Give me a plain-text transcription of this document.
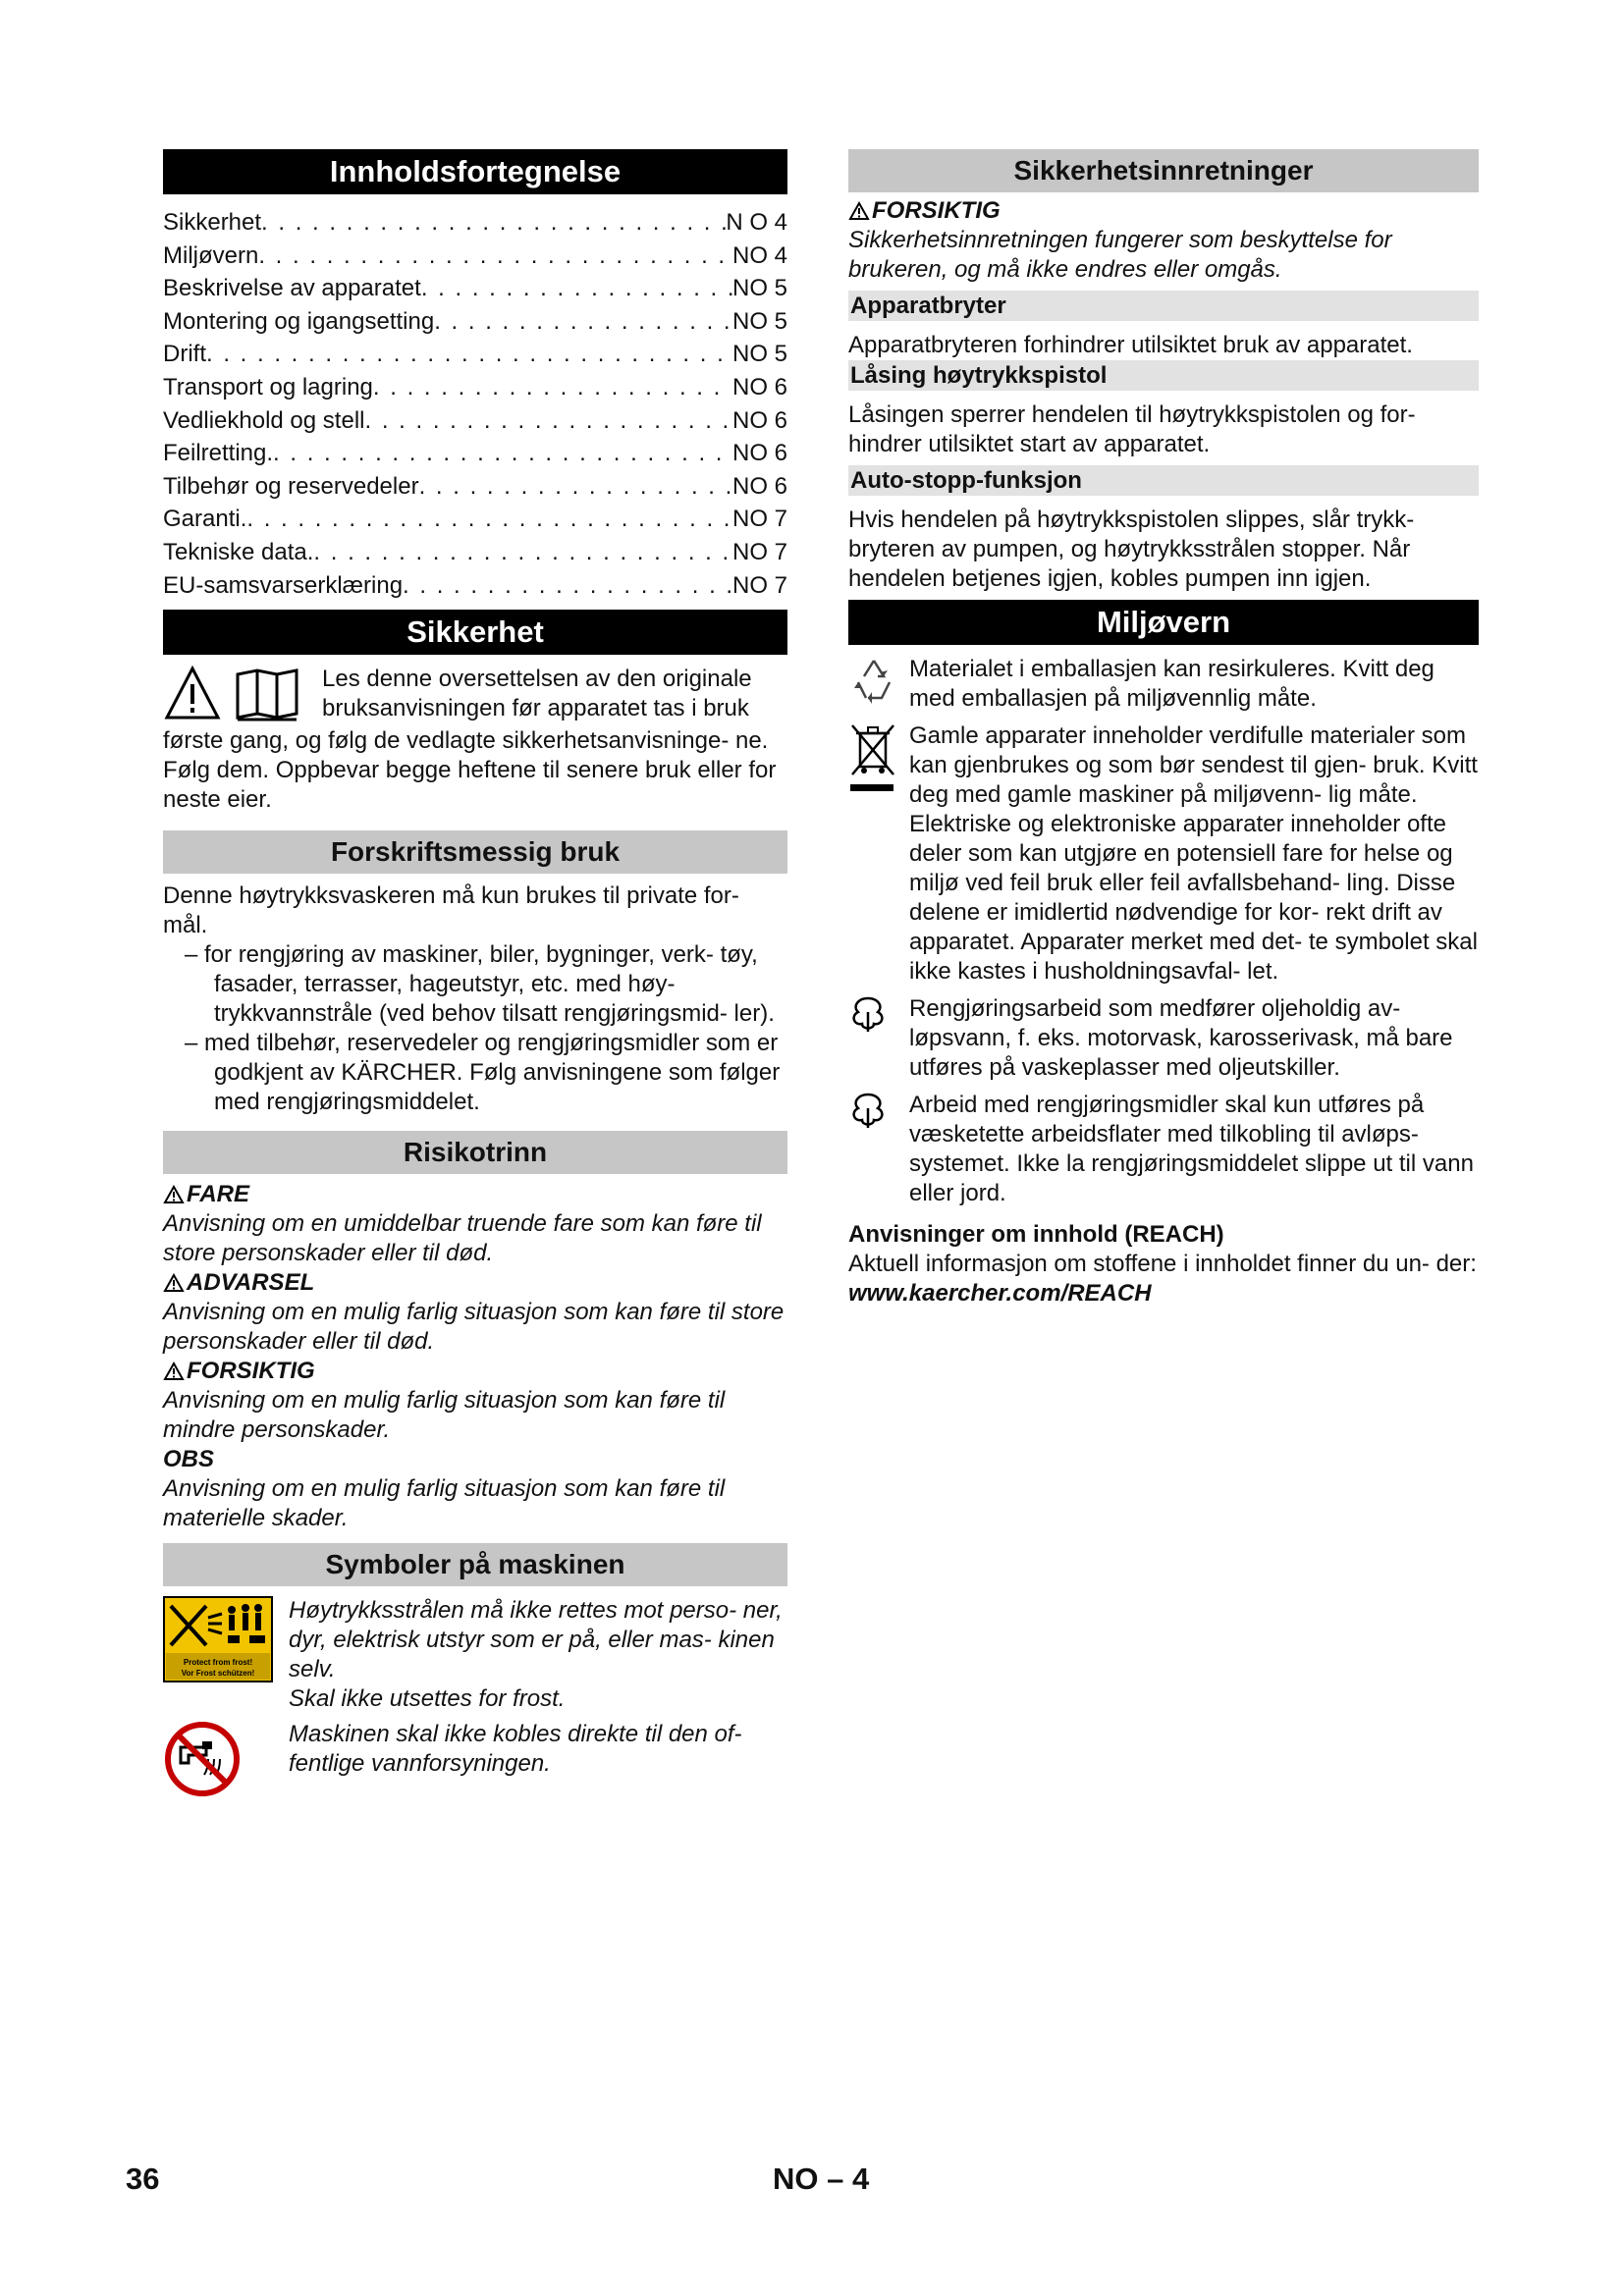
Innholdsfortegnelse
Sikkerhet . . .	N O 4
Miljøvern . . .	NO 4
Beskrivelse av apparatet . . .	NO 5
Montering og igangsetting . . .	NO 5
Drift . . .	NO 5
Transport og lagring . . .	NO 6
Vedliekhold og stell . . .	NO 6
Feilretting. . . .	NO 6
Tilbehør og reservedeler . . .	NO 6
Garanti. . . .	NO 7
Tekniske data. . . .	NO 7
EU-samsvarserklæring . . .	NO 7
Sikkerhet
Les denne oversettelsen av den originale
bruksanvisningen før apparatet tas i bruk
første gang, og følg de vedlagte sikkerhetsanvisninge- ne. Følg dem. Oppbevar begge heftene til senere bruk eller for neste eier.
Forskriftsmessig bruk
Denne høytrykksvaskeren må kun brukes til private for- mål.
– for rengjøring av maskiner, biler, bygninger, verk- tøy, fasader, terrasser, hageutstyr, etc. med høy- trykkvannstråle (ved behov tilsatt rengjøringsmid- ler).
– med tilbehør, reservedeler og rengjøringsmidler som er godkjent av KÄRCHER. Følg anvisningene som følger med rengjøringsmiddelet.
Risikotrinn
FARE
Anvisning om en umiddelbar truende fare som kan føre til store personskader eller til død.
ADVARSEL
Anvisning om en mulig farlig situasjon som kan føre til store personskader eller til død.
FORSIKTIG
Anvisning om en mulig farlig situasjon som kan føre til mindre personskader.
OBS
Anvisning om en mulig farlig situasjon som kan føre til materielle skader.
Symboler på maskinen
Protect from frost!
Vor Frost schützen!
Høytrykksstrålen må ikke rettes mot perso- ner, dyr, elektrisk utstyr som er på, eller mas- kinen selv.
Skal ikke utsettes for frost.
Maskinen skal ikke kobles direkte til den of- fentlige vannforsyningen.
Sikkerhetsinnretninger
FORSIKTIG
Sikkerhetsinnretningen fungerer som beskyttelse for brukeren, og må ikke endres eller omgås.
Apparatbryter
Apparatbryteren forhindrer utilsiktet bruk av apparatet.
Låsing høytrykkspistol
Låsingen sperrer hendelen til høytrykkspistolen og for- hindrer utilsiktet start av apparatet.
Auto-stopp-funksjon
Hvis hendelen på høytrykkspistolen slippes, slår trykk- bryteren av pumpen, og høytrykksstrålen stopper. Når hendelen betjenes igjen, kobles pumpen inn igjen.
Miljøvern
Materialet i emballasjen kan resirkuleres. Kvitt deg med emballasjen på miljøvennlig måte.
Gamle apparater inneholder verdifulle materialer som kan gjenbrukes og som bør sendest til gjen- bruk. Kvitt deg med gamle maskiner på miljøvenn- lig måte.
Elektriske og elektroniske apparater inneholder ofte deler som kan utgjøre en potensiell fare for helse og miljø ved feil bruk eller feil avfallsbehand- ling. Disse delene er imidlertid nødvendige for kor- rekt drift av apparatet. Apparater merket med det- te symbolet skal ikke kastes i husholdningsavfal- let.
Rengjøringsarbeid som medfører oljeholdig av- løpsvann, f. eks. motorvask, karosserivask, må bare utføres på vaskeplasser med oljeutskiller.
Arbeid med rengjøringsmidler skal kun utføres på væsketette arbeidsflater med tilkobling til avløps- systemet. Ikke la rengjøringsmiddelet slippe ut til vann eller jord.
Anvisninger om innhold (REACH)
Aktuell informasjon om stoffene i innholdet finner du un- der:
www.kaercher.com/REACH
36	NO – 4
